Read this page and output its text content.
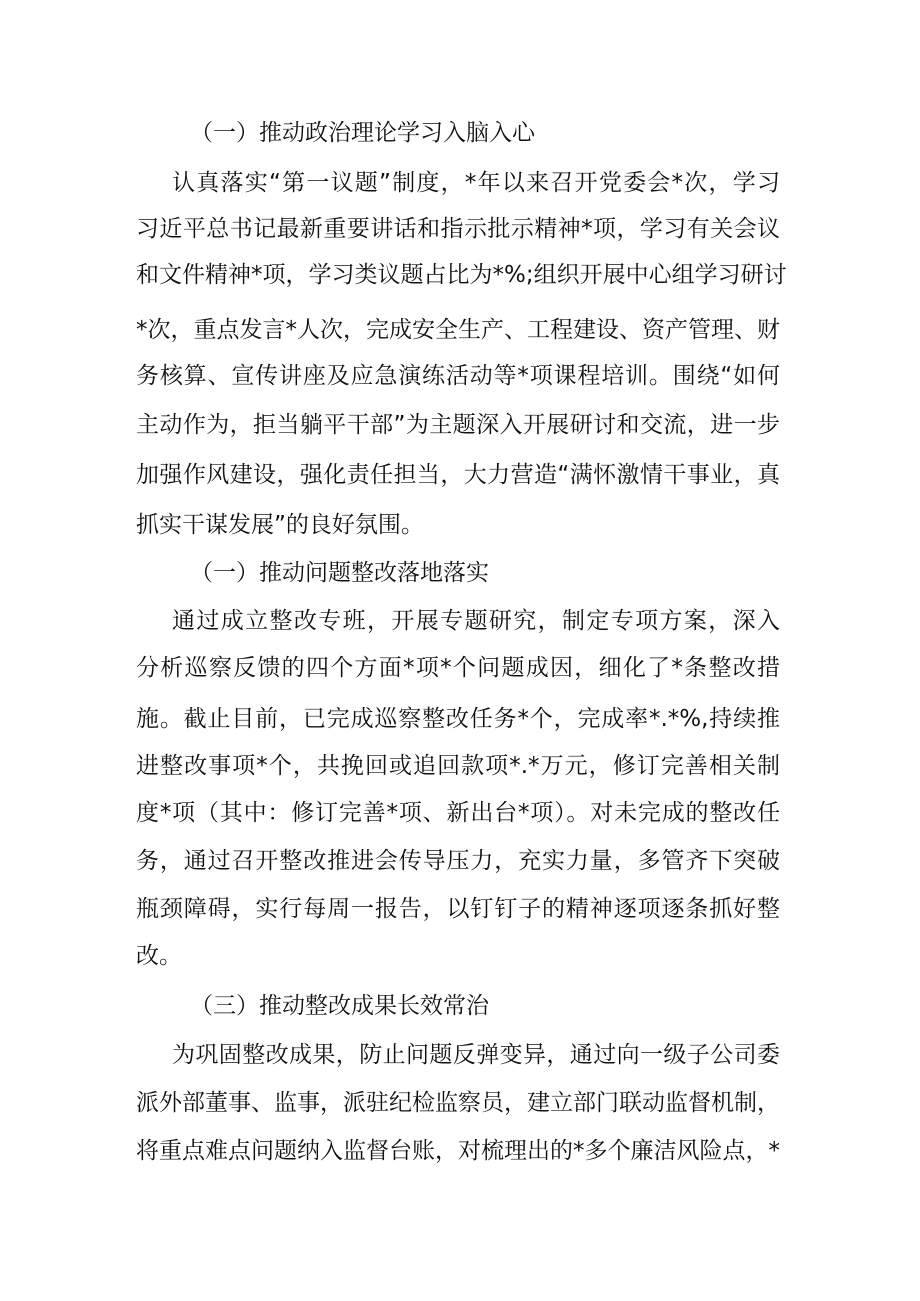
（一）推动政治理论学习入脑入心
认真落实“第一议题”制度，*年以来召开党委会*次，学习
习近平总书记最新重要讲话和指示批示精神*项，学习有关会议
和文件精神*项，学习类议题占比为*%;组织开展中心组学习研讨
*次，重点发言*人次，完成安全生产、工程建设、资产管理、财
务核算、宣传讲座及应急演练活动等*项课程培训。围绕“如何
主动作为，拒当躺平干部”为主题深入开展研讨和交流，进一步
加强作风建设，强化责任担当，大力营造“满怀激情干事业，真
抓实干谋发展”的良好氛围。
（一）推动问题整改落地落实
通过成立整改专班，开展专题研究，制定专项方案，深入
分析巡察反馈的四个方面*项*个问题成因，细化了*条整改措
施。截止目前，已完成巡察整改任务*个，完成率*.*%,持续推
进整改事项*个，共挽回或追回款项*.*万元，修订完善相关制
度*项（其中：修订完善*项、新出台*项）。对未完成的整改任
务，通过召开整改推进会传导压力，充实力量，多管齐下突破
瓶颈障碍，实行每周一报告，以钉钉子的精神逐项逐条抓好整
改。
（三）推动整改成果长效常治
为巩固整改成果，防止问题反弹变异，通过向一级子公司委
派外部董事、监事，派驻纪检监察员，建立部门联动监督机制，
将重点难点问题纳入监督台账，对梳理出的*多个廉洁风险点，*
